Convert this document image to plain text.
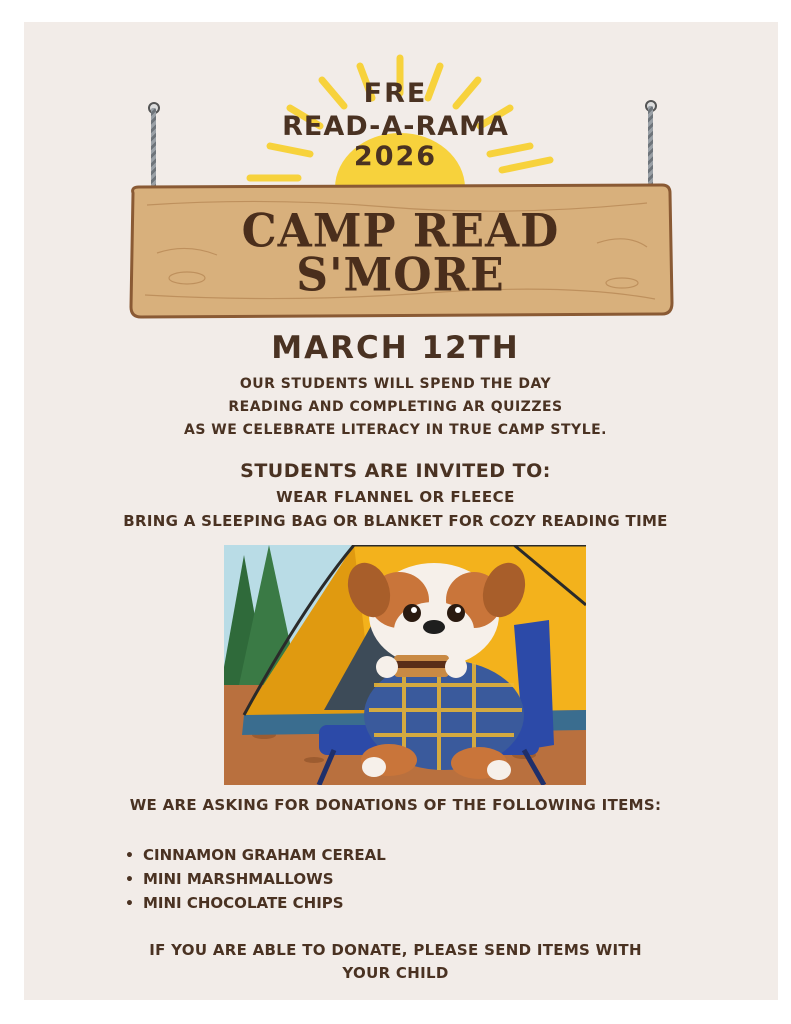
FRE
READ-A-RAMA
2026
CAMP READ
S'MORE
MARCH 12TH
OUR STUDENTS WILL SPEND THE DAY
READING AND COMPLETING AR QUIZZES
AS WE CELEBRATE LITERACY IN TRUE CAMP STYLE.
STUDENTS ARE INVITED TO:
WEAR FLANNEL OR FLEECE
BRING A SLEEPING BAG OR BLANKET FOR COZY READING TIME
WE ARE ASKING FOR DONATIONS OF THE FOLLOWING ITEMS:
• CINNAMON GRAHAM CEREAL
• MINI MARSHMALLOWS
• MINI CHOCOLATE CHIPS
IF YOU ARE ABLE TO DONATE, PLEASE SEND ITEMS WITH
YOUR CHILD
